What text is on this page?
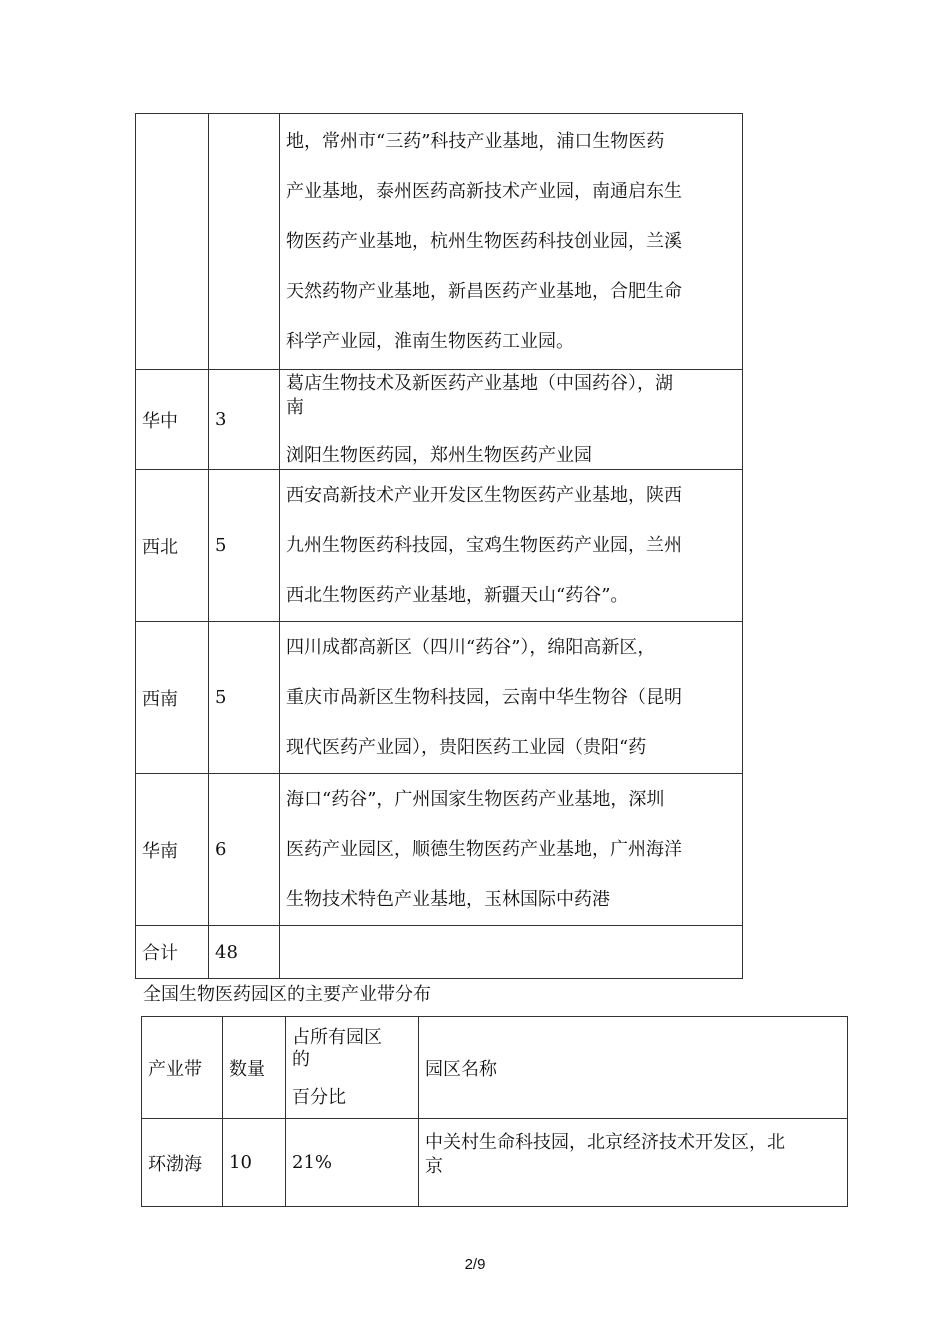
		地，常州市“三药”科技产业基地，浦口生物医药
产业基地，泰州医药高新技术产业园，南通启东生
物医药产业基地，杭州生物医药科技创业园，兰溪
天然药物产业基地，新昌医药产业基地，合肥生命
科学产业园，淮南生物医药工业园。

华中	3	葛店生物技术及新医药产业基地（中国药谷），湖
南
浏阳生物医药园，郑州生物医药产业园

西北	5	西安高新技术产业开发区生物医药产业基地，陕西
九州生物医药科技园，宝鸡生物医药产业园，兰州
西北生物医药产业基地，新疆天山“药谷”。

西南	5	四川成都高新区（四川“药谷”），绵阳高新区，
重庆市咼新区生物科技园，云南中华生物谷（昆明
现代医药产业园），贵阳医药工业园（贵阳“药

华南	6	海口“药谷”，广州国家生物医药产业基地，深圳
医药产业园区，顺德生物医药产业基地，广州海洋
生物技术特色产业基地，玉林国际中药港

合计	48	
全国生物医药园区的主要产业带分布
产业带	数量	占所有园区
的
百分比	园区名称
环渤海	10	21%	中关村生命科技园，北京经济技术开发区，北
京
2/9
